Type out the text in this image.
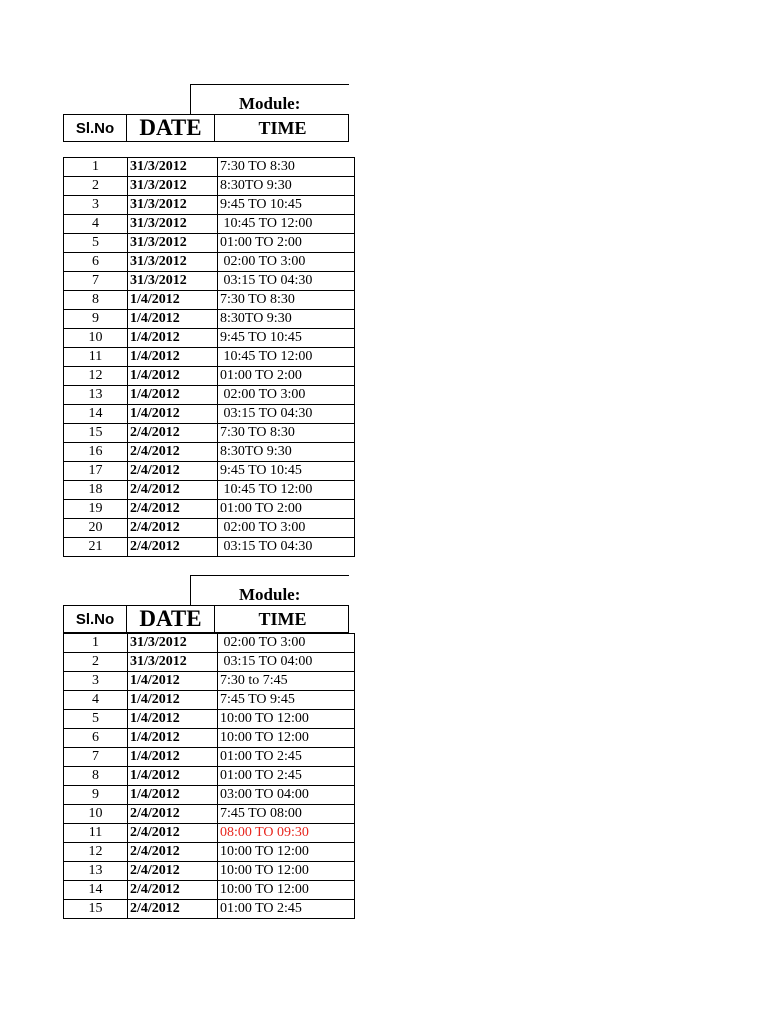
Module:
Sl.No	DATE	TIME
1	31/3/2012	7:30 TO 8:30
2	31/3/2012	8:30TO 9:30
3	31/3/2012	9:45 TO 10:45
4	31/3/2012	10:45 TO 12:00
5	31/3/2012	01:00 TO 2:00
6	31/3/2012	02:00 TO 3:00
7	31/3/2012	03:15 TO 04:30
8	1/4/2012	7:30 TO 8:30
9	1/4/2012	8:30TO 9:30
10	1/4/2012	9:45 TO 10:45
11	1/4/2012	10:45 TO 12:00
12	1/4/2012	01:00 TO 2:00
13	1/4/2012	02:00 TO 3:00
14	1/4/2012	03:15 TO 04:30
15	2/4/2012	7:30 TO 8:30
16	2/4/2012	8:30TO 9:30
17	2/4/2012	9:45 TO 10:45
18	2/4/2012	10:45 TO 12:00
19	2/4/2012	01:00 TO 2:00
20	2/4/2012	02:00 TO 3:00
21	2/4/2012	03:15 TO 04:30
Module:
Sl.No	DATE	TIME
1	31/3/2012	02:00 TO 3:00
2	31/3/2012	03:15 TO 04:00
3	1/4/2012	7:30 to 7:45
4	1/4/2012	7:45 TO 9:45
5	1/4/2012	10:00 TO 12:00
6	1/4/2012	10:00 TO 12:00
7	1/4/2012	01:00 TO 2:45
8	1/4/2012	01:00 TO 2:45
9	1/4/2012	03:00 TO 04:00
10	2/4/2012	7:45 TO 08:00
11	2/4/2012	08:00 TO 09:30
12	2/4/2012	10:00 TO 12:00
13	2/4/2012	10:00 TO 12:00
14	2/4/2012	10:00 TO 12:00
15	2/4/2012	01:00 TO 2:45
